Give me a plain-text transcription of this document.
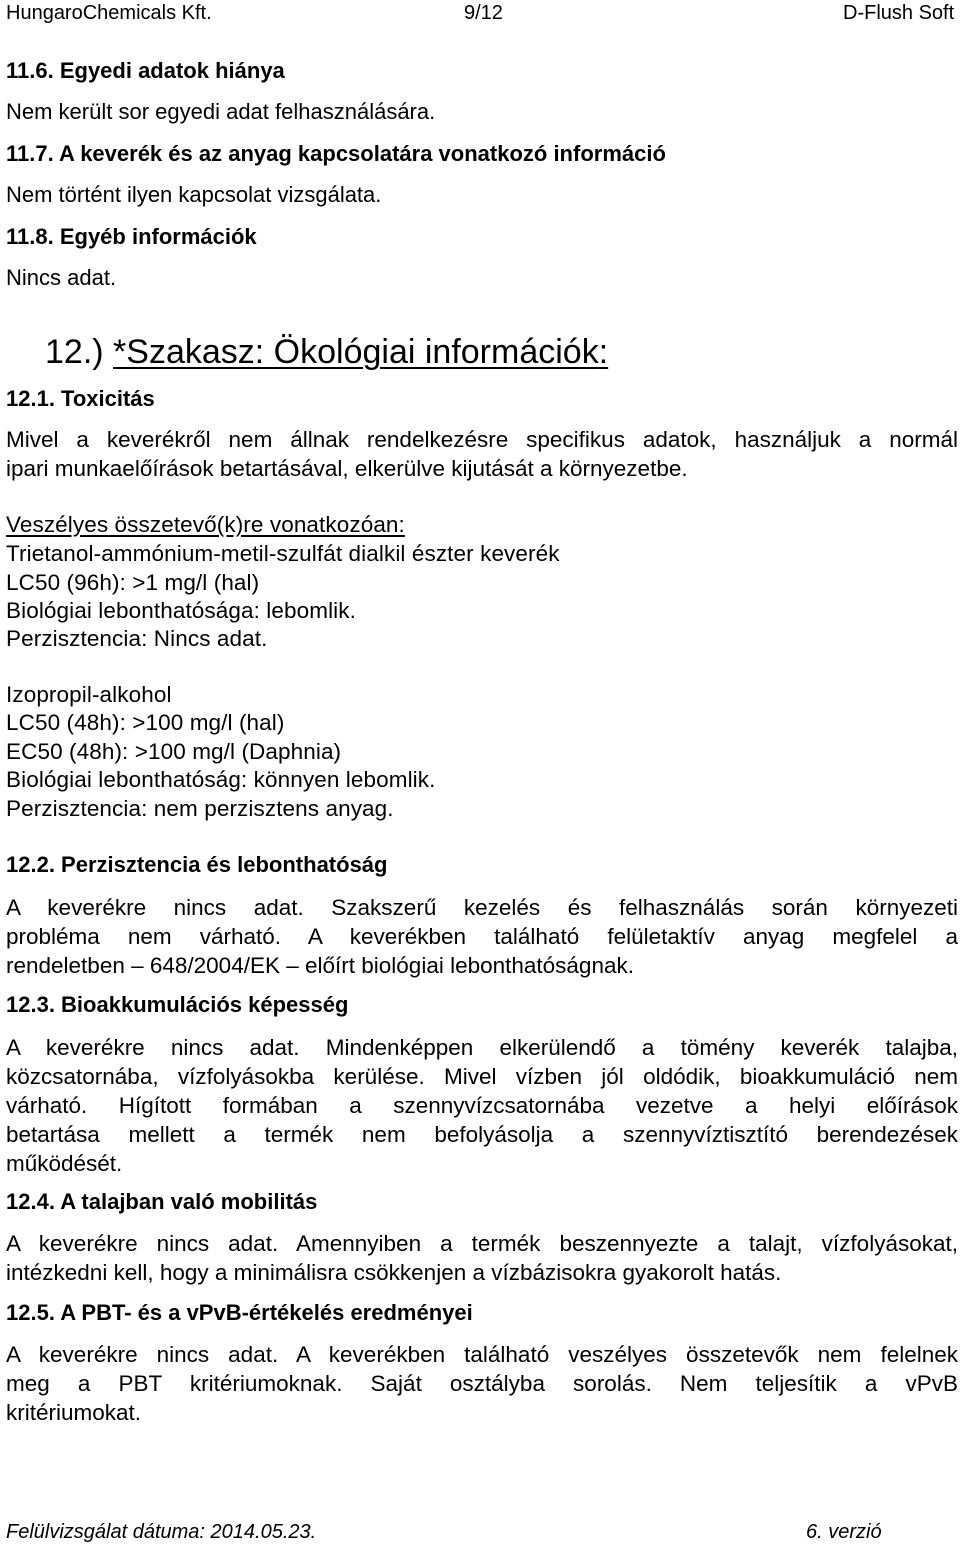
HungaroChemicals Kft.	9/12	D-Flush Soft
11.6. Egyedi adatok hiánya
Nem került sor egyedi adat felhasználására.
11.7. A keverék és az anyag kapcsolatára vonatkozó információ
Nem történt ilyen kapcsolat vizsgálata.
11.8. Egyéb információk
Nincs adat.
12.) *Szakasz: Ökológiai információk:
12.1. Toxicitás
Mivel a keverékről nem állnak rendelkezésre specifikus adatok, használjuk a normál
ipari munkaelőírások betartásával, elkerülve kijutását a környezetbe.
Veszélyes összetevő(k)re vonatkozóan:
Trietanol-ammónium-metil-szulfát dialkil észter keverék
LC50 (96h): >1 mg/l (hal)
Biológiai lebonthatósága: lebomlik.
Perzisztencia: Nincs adat.
Izopropil-alkohol
LC50 (48h): >100 mg/l (hal)
EC50 (48h): >100 mg/l (Daphnia)
Biológiai lebonthatóság: könnyen lebomlik.
Perzisztencia: nem perzisztens anyag.
12.2. Perzisztencia és lebonthatóság
A keverékre nincs adat. Szakszerű kezelés és felhasználás során környezeti
probléma nem várható. A keverékben található felületaktív anyag megfelel a
rendeletben ‒ 648/2004/EK ‒ előírt biológiai lebonthatóságnak.
12.3. Bioakkumulációs képesség
A keverékre nincs adat. Mindenképpen elkerülendő a tömény keverék talajba,
közcsatornába, vízfolyásokba kerülése. Mivel vízben jól oldódik, bioakkumuláció nem
várható. Hígított formában a szennyvízcsatornába vezetve a helyi előírások
betartása mellett a termék nem befolyásolja a szennyvíztisztító berendezések
működését.
12.4. A talajban való mobilitás
A keverékre nincs adat. Amennyiben a termék beszennyezte a talajt, vízfolyásokat,
intézkedni kell, hogy a minimálisra csökkenjen a vízbázisokra gyakorolt hatás.
12.5. A PBT- és a vPvB-értékelés eredményei
A keverékre nincs adat. A keverékben található veszélyes összetevők nem felelnek
meg a PBT kritériumoknak. Saját osztályba sorolás. Nem teljesítik a vPvB
kritériumokat.
Felülvizsgálat dátuma: 2014.05.23.	6. verzió
